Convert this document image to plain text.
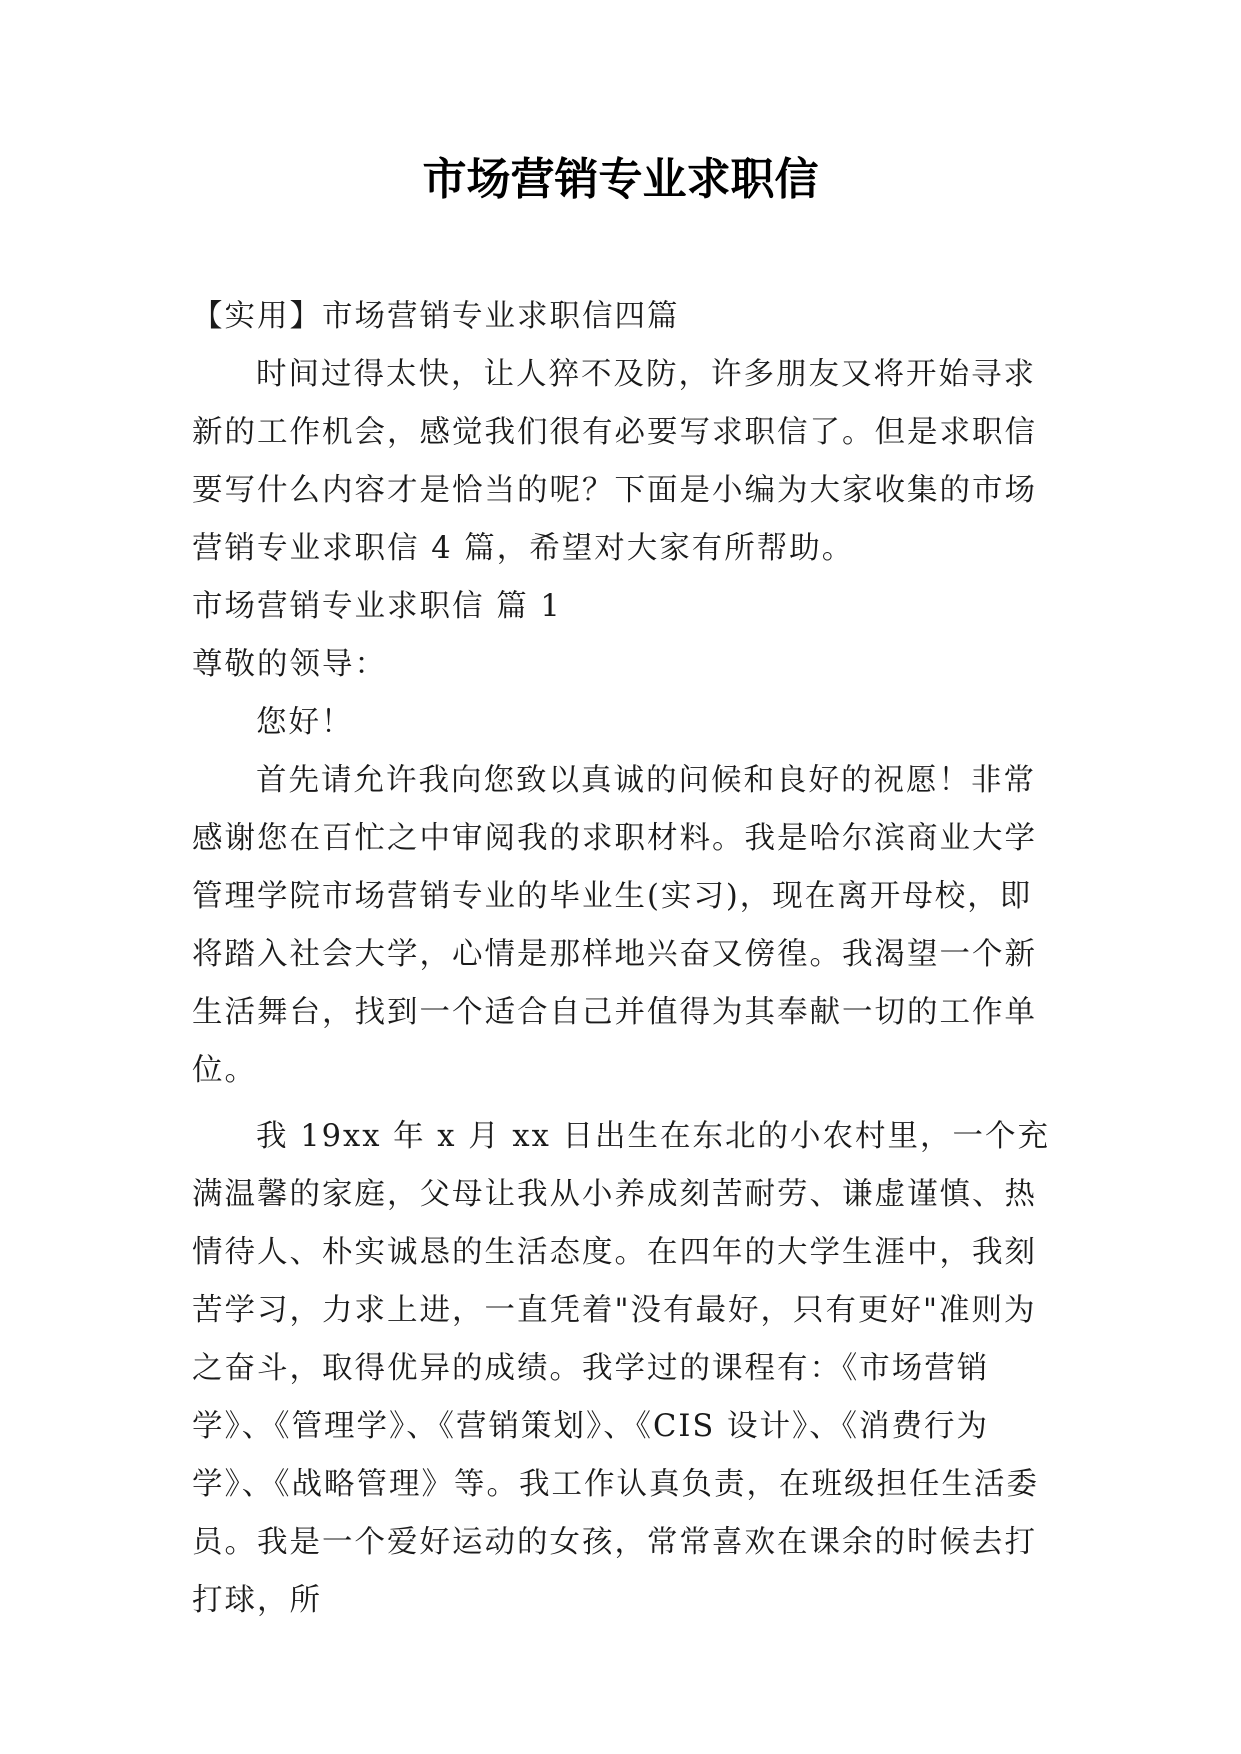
市场营销专业求职信

【实用】市场营销专业求职信四篇

时间过得太快，让人猝不及防，许多朋友又将开始寻求新的工作机会，感觉我们很有必要写求职信了。但是求职信要写什么内容才是恰当的呢？下面是小编为大家收集的市场营销专业求职信 4 篇，希望对大家有所帮助。

市场营销专业求职信 篇 1

尊敬的领导：

您好！

首先请允许我向您致以真诚的问候和良好的祝愿！非常感谢您在百忙之中审阅我的求职材料。我是哈尔滨商业大学管理学院市场营销专业的毕业生(实习)，现在离开母校，即将踏入社会大学，心情是那样地兴奋又傍徨。我渴望一个新生活舞台，找到一个适合自己并值得为其奉献一切的工作单位。

我 19xx 年 x 月 xx 日出生在东北的小农村里，一个充满温馨的家庭，父母让我从小养成刻苦耐劳、谦虚谨慎、热情待人、朴实诚恳的生活态度。在四年的大学生涯中，我刻苦学习，力求上进，一直凭着"没有最好，只有更好"准则为之奋斗，取得优异的成绩。我学过的课程有：《市场营销学》、《管理学》、《营销策划》、《CIS 设计》、《消费行为学》、《战略管理》等。我工作认真负责，在班级担任生活委员。我是一个爱好运动的女孩，常常喜欢在课余的时候去打打球，所
